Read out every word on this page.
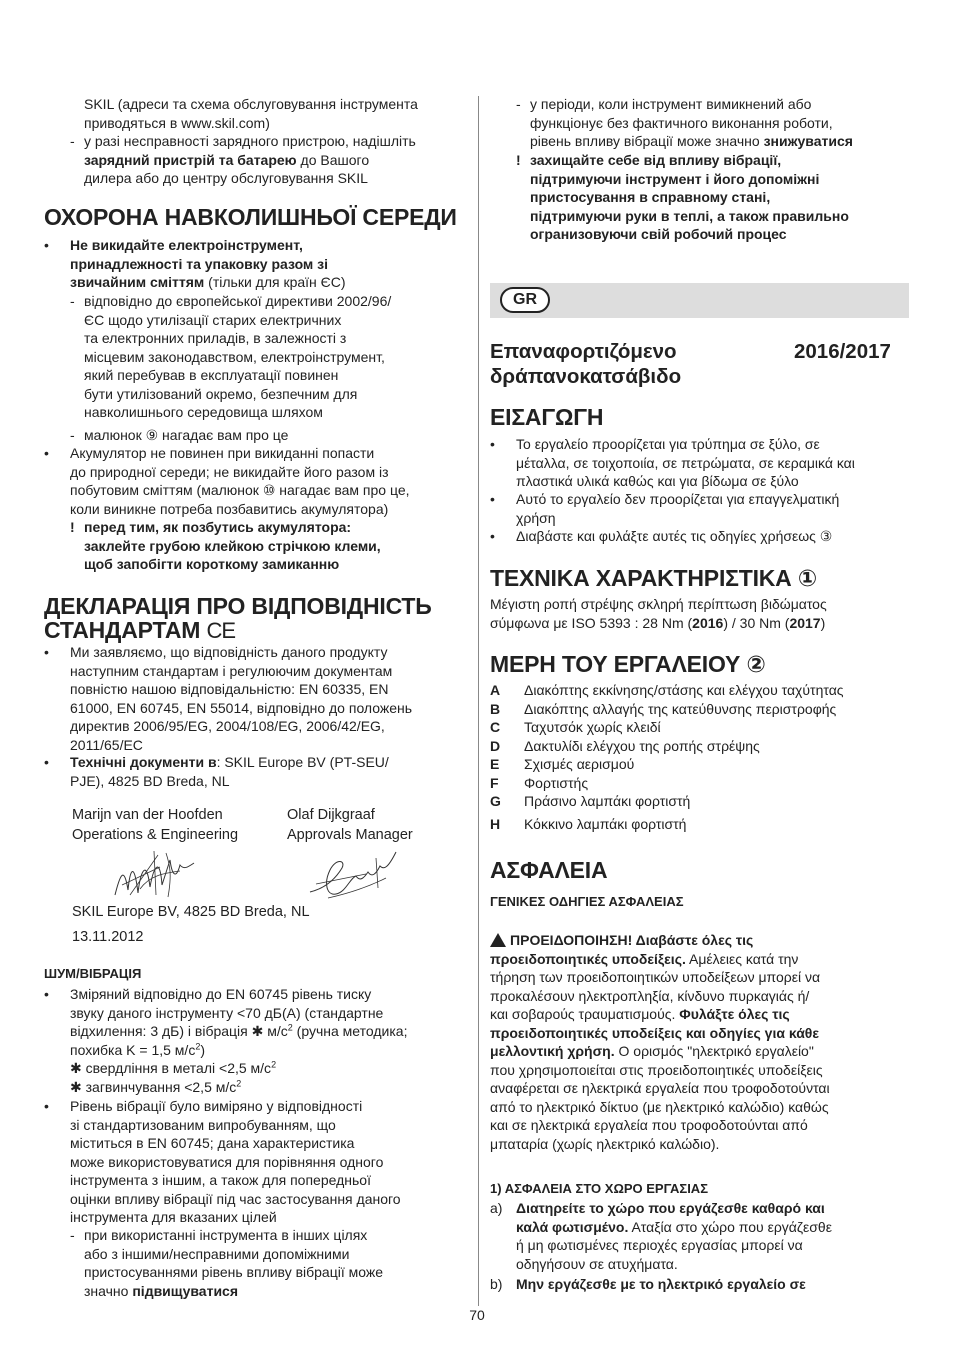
SKIL (адреси та схема обслуговування інструмента
приводяться в www.skil.com)
- у разі несправності зарядного пристрою, надішліть
зарядний пристрій та батарею до Вашого
дилера або до центру обслуговування SKIL
ОХОРОНА НАВКОЛИШНЬОЇ СЕРЕДИ
• Не викидайте електроінструмент,
принадлежності та упаковку разом зі
звичайним сміттям (тільки для країн ЄС)
- відповідно до європейської директиви 2002/96/
ЄС щодо утилізації старих електричних
та електронних приладів, в залежності з
місцевим законодавством, електроінструмент,
який перебував в експлуатації повинен
бути утилізований окремо, безпечним для
навколишнього середовища шляхом
- малюнок ⑨ нагадає вам про це
• Акумулятор не повинен при викиданні попасти
до природної середи; не викидайте його разом із
побутовим сміттям (малюнок ⑩ нагадає вам про це,
коли виникне потреба позбавитись акумулятора)
! перед тим, як позбутись акумулятора:
заклейте грубою клейкою стрічкою клеми,
щоб запобігти короткому замиканню
ДЕКЛАРАЦІЯ ПРО ВІДПОВІДНІСТЬ
СТАНДАРТАМ CE
• Ми заявляємо, що відповідність даного продукту
наступним стандартам і регулюючим документам
повністю нашою відповідальністю: EN 60335, EN
61000, EN 60745, EN 55014, відповідно до положень
директив 2006/95/EG, 2004/108/EG, 2006/42/EG,
2011/65/EC
• Технічні документи в: SKIL Europe BV (PT-SEU/
PJE), 4825 BD Breda, NL
Marijn van der Hoofden
Operations & Engineering
Olaf Dijkgraaf
Approvals Manager
SKIL Europe BV, 4825 BD Breda, NL
13.11.2012
ШУМ/ВІБРАЦІЯ
• Зміряний відповідно до EN 60745 рівень тиску
звуку даного інструменту <70 дБ(A) (стандартне
відхилення: 3 дБ) і вібрація ✱ $м/с^2$ (ручна методика;
похибка K = 1,5 $м/с^2$)
✱ свердління в металі <2,5 $м/с^2$
✱ загвинчування <2,5 $м/с^2$
• Рівень вібрації було виміряно у відповідності
зі стандартизованим випробуванням, що
міститься в EN 60745; дана характеристика
може використовуватися для порівняння одного
інструмента з іншим, а також для попередньої
оцінки впливу вібрації під час застосування даного
інструмента для вказаних цілей
- при використанні інструмента в інших цілях
або з іншими/несправними допоміжними
пристосуваннями рівень впливу вібрації може
значно підвищуватися
- у періоди, коли інструмент вимикнений або
функціонує без фактичного виконання роботи,
рівень впливу вібрації може значно знижуватися
! захищайте себе від впливу вібрації,
підтримуючи інструмент і його допоміжні
пристосування в справному стані,
підтримуючи руки в теплі, а також правильно
огранизовуючи свій робочий процес
GR
Επαναφορτιζόμενο
δράπανοκατσάβιδο
2016/2017
ΕΙΣΑΓΩΓΗ
• Το εργαλείο προορίζεται για τρύπημα σε ξύλο, σε
μέταλλα, σε τοιχοποιία, σε πετρώματα, σε κεραμικά και
πλαστικά υλικά καθώς και για βίδωμα σε ξύλο
• Αυτό το εργαλείο δεν προορίζεται για επαγγελματική
χρήση
•	Διαβάστε και φυλάξτε αυτές τις οδηγίες χρήσεως ③
ΤΕΧΝΙΚΑ ΧΑΡΑΚΤΗΡΙΣΤΙΚΑ ①
Μέγιστη ροπή στρέψης σκληρή περίπτωση βιδώματος
σύμφωνα με ISO 5393 : 28 Nm (2016) / 30 Nm (2017)
ΜΕΡΗ ΤΟΥ ΕΡΓΑΛΕΙΟΥ ②
A	Διακόπτης εκκίνησης/στάσης και ελέγχου ταχύτητας
B	Διακόπτης αλλαγής της κατεύθυνσης περιστροφής
C	Ταχυτσόκ χωρίς κλειδί
D	Δακτυλίδι ελέγχου της ροπής στρέψης
E	Σχισμές αερισμού
F	Φορτιστής
G	Πράσινο λαμπάκι φορτιστή
H	Κόκκινο λαμπάκι φορτιστή
ΑΣΦΑΛΕΙΑ
ΓΕΝΙΚΕΣ ΟΔΗΓΙΕΣ ΑΣΦΑΛΕΙΑΣ
ΠΡΟΕΙΔΟΠΟΙΗΣΗ! Διαβάστε όλες τις
προειδοποιητικές υποδείξεις. Αμέλειες κατά την
τήρηση των προειδοποιητικών υποδείξεων μπορεί να
προκαλέσουν ηλεκτροπληξία, κίνδυνο πυρκαγιάς ή/
και σοβαρούς τραυματισμούς. Φυλάξτε όλες τις
προειδοποιητικές υποδείξεις και οδηγίες για κάθε
μελλοντική χρήση. Ο ορισμός "ηλεκτρικό εργαλείο"
που χρησιμοποιείται στις προειδοποιητικές υποδείξεις
αναφέρεται σε ηλεκτρικά εργαλεία που τροφοδοτούνται
από το ηλεκτρικό δίκτυο (με ηλεκτρικό καλώδιο) καθώς
και σε ηλεκτρικά εργαλεία που τροφοδοτούνται από
μπαταρία (χωρίς ηλεκτρικό καλώδιο).
1) ΑΣΦΑΛΕΙΑ ΣΤΟ ΧΩΡΟ ΕΡΓΑΣΙΑΣ
a) Διατηρείτε το χώρο που εργάζεσθε καθαρό και
καλά φωτισμένο. Αταξία στο χώρο που εργάζεσθε
ή μη φωτισμένες περιοχές εργασίας μπορεί να
οδηγήσουν σε ατυχήματα.
b) Μην εργάζεσθε με το ηλεκτρικό εργαλείο σε
70
